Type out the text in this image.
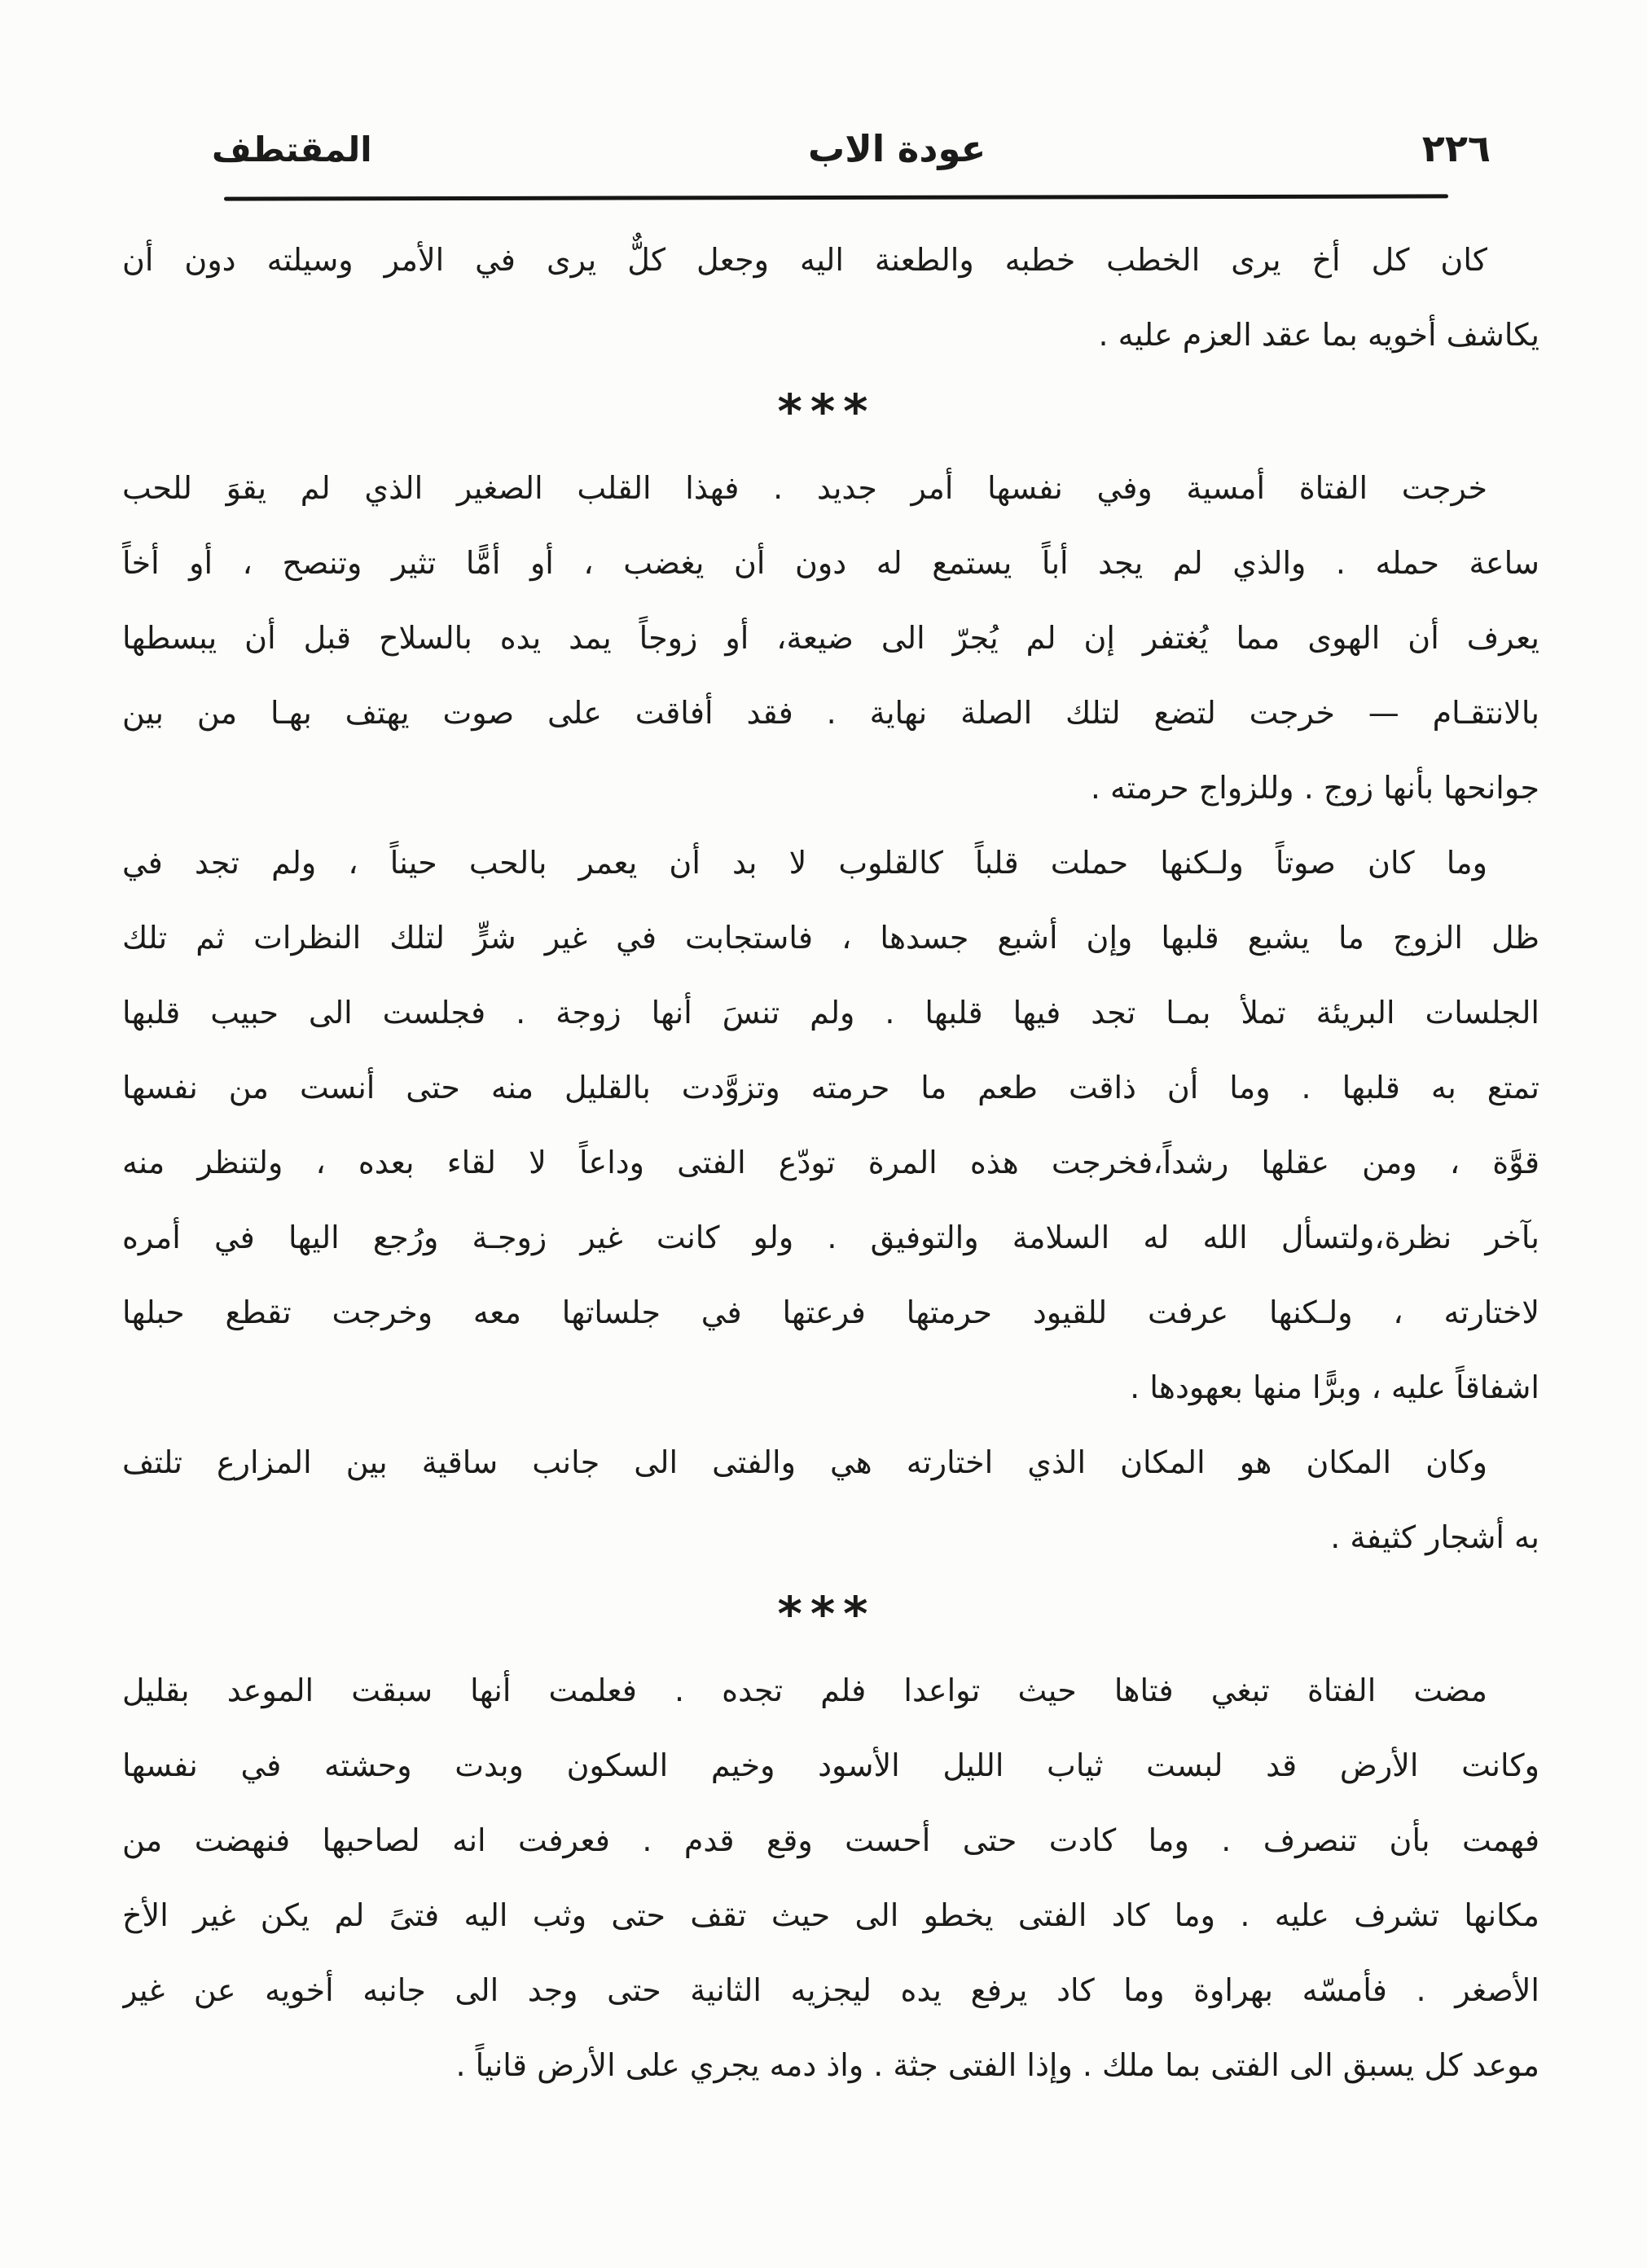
٢٢٦
عودة الاب
المقتطف
كان كل أخ يرى الخطب خطبه والطعنة اليه وجعل كلٌّ يرى في الأمر وسيلته دون أن
يكاشف أخويه بما عقد العزم عليه .
***
خرجت الفتاة أمسية وفي نفسها أمر جديد . فهذا القلب الصغير الذي لم يقوَ للحب
ساعة حمله . والذي لم يجد أباً يستمع له دون أن يغضب ، أو أمًّا تثير وتنصح ، أو أخاً
يعرف أن الهوى مما يُغتفر إن لم يُجرّ الى ضيعة، أو زوجاً يمد يده بالسلاح قبل أن يبسطها
بالانتقـام — خرجت لتضع لتلك الصلة نهاية . فقد أفاقت على صوت يهتف بهـا من بين
جوانحها بأنها زوج . وللزواج حرمته .
وما كان صوتاً ولـكنها حملت قلباً كالقلوب لا بد أن يعمر بالحب حيناً ، ولم تجد في
ظل الزوج ما يشبع قلبها وإن أشبع جسدها ، فاستجابت في غير شرٍّ لتلك النظرات ثم تلك
الجلسات البريئة تملأ بمـا تجد فيها قلبها . ولم تنسَ أنها زوجة . فجلست الى حبيب قلبها
تمتع به قلبها . وما أن ذاقت طعم ما حرمته وتزوَّدت بالقليل منه حتى أنست من نفسها
قوَّة ، ومن عقلها رشداً،فخرجت هذه المرة تودّع الفتى وداعاً لا لقاء بعده ، ولتنظر منه
بآخر نظرة،ولتسأل الله له السلامة والتوفيق . ولو كانت غير زوجـة ورُجع اليها في أمره
لاختارته ، ولـكنها عرفت للقيود حرمتها فرعتها في جلساتها معه وخرجت تقطع حبلها
اشفاقاً عليه ، وبرًّا منها بعهودها .
وكان المكان هو المكان الذي اختارته هي والفتى الى جانب ساقية بين المزارع تلتف
به أشجار كثيفة .
***
مضت الفتاة تبغي فتاها حيث تواعدا فلم تجده . فعلمت أنها سبقت الموعد بقليل
وكانت الأرض قد لبست ثياب الليل الأسود وخيم السكون وبدت وحشته في نفسها
فهمت بأن تنصرف . وما كادت حتى أحست وقع قدم . فعرفت انه لصاحبها فنهضت من
مكانها تشرف عليه . وما كاد الفتى يخطو الى حيث تقف حتى وثب اليه فتىً لم يكن غير الأخ
الأصغر . فأمسّه بهراوة وما كاد يرفع يده ليجزيه الثانية حتى وجد الى جانبه أخويه عن غير
موعد كل يسبق الى الفتى بما ملك . وإذا الفتى جثة . واذ دمه يجري على الأرض قانياً .
